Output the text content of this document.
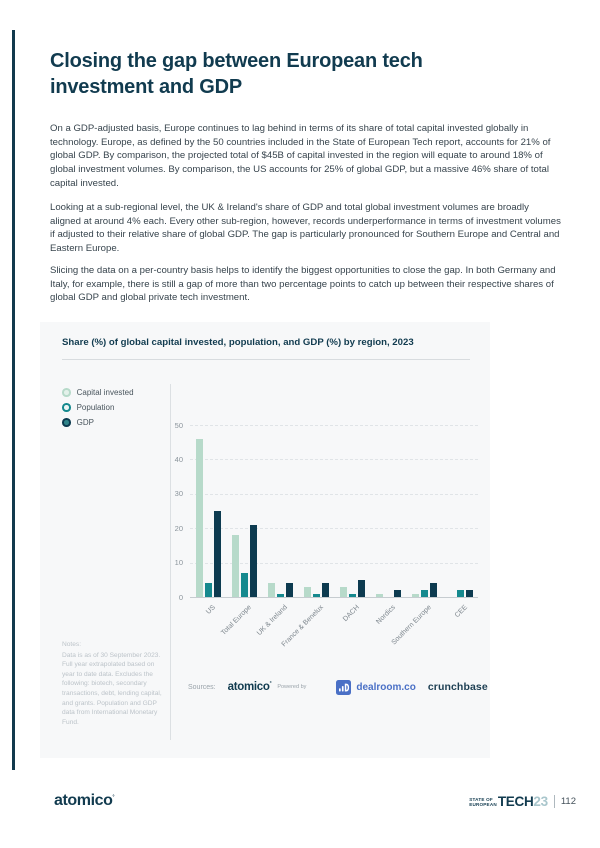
Closing the gap between European tech investment and GDP

On a GDP-adjusted basis, Europe continues to lag behind in terms of its share of total capital invested globally in technology. Europe, as defined by the 50 countries included in the State of European Tech report, accounts for 21% of global GDP. By comparison, the projected total of $45B of capital invested in the region will equate to around 18% of global investment volumes. By comparison, the US accounts for 25% of global GDP, but a massive 46% share of total capital invested.

Looking at a sub-regional level, the UK & Ireland's share of GDP and total global investment volumes are broadly aligned at around 4% each. Every other sub-region, however, records underperformance in terms of investment volumes if adjusted to their relative share of global GDP. The gap is particularly pronounced for Southern Europe and Central and Eastern Europe.

Slicing the data on a per-country basis helps to identify the biggest opportunities to close the gap. In both Germany and Italy, for example, there is still a gap of more than two percentage points to catch up between their respective shares of global GDP and global private tech investment.

Share (%) of global capital invested, population, and GDP (%) by region, 2023
Capital invested
Population
GDP
0
10
20
30
40
50
US Total Europe UK & Ireland
France & Benelux	DACH	Nordics
Southern Europe	CEE
Notes:
Data is as of 30 September 2023. Full year extrapolated based on year to date data. Excludes the following: biotech, secondary transactions, debt, lending capital, and grants. Population and GDP data from International Monetary Fund.
Sources: atomico° Powered by	dealroom.co crunchbase
atomico°	STATE OF
EUROPEAN TECH 23 112
